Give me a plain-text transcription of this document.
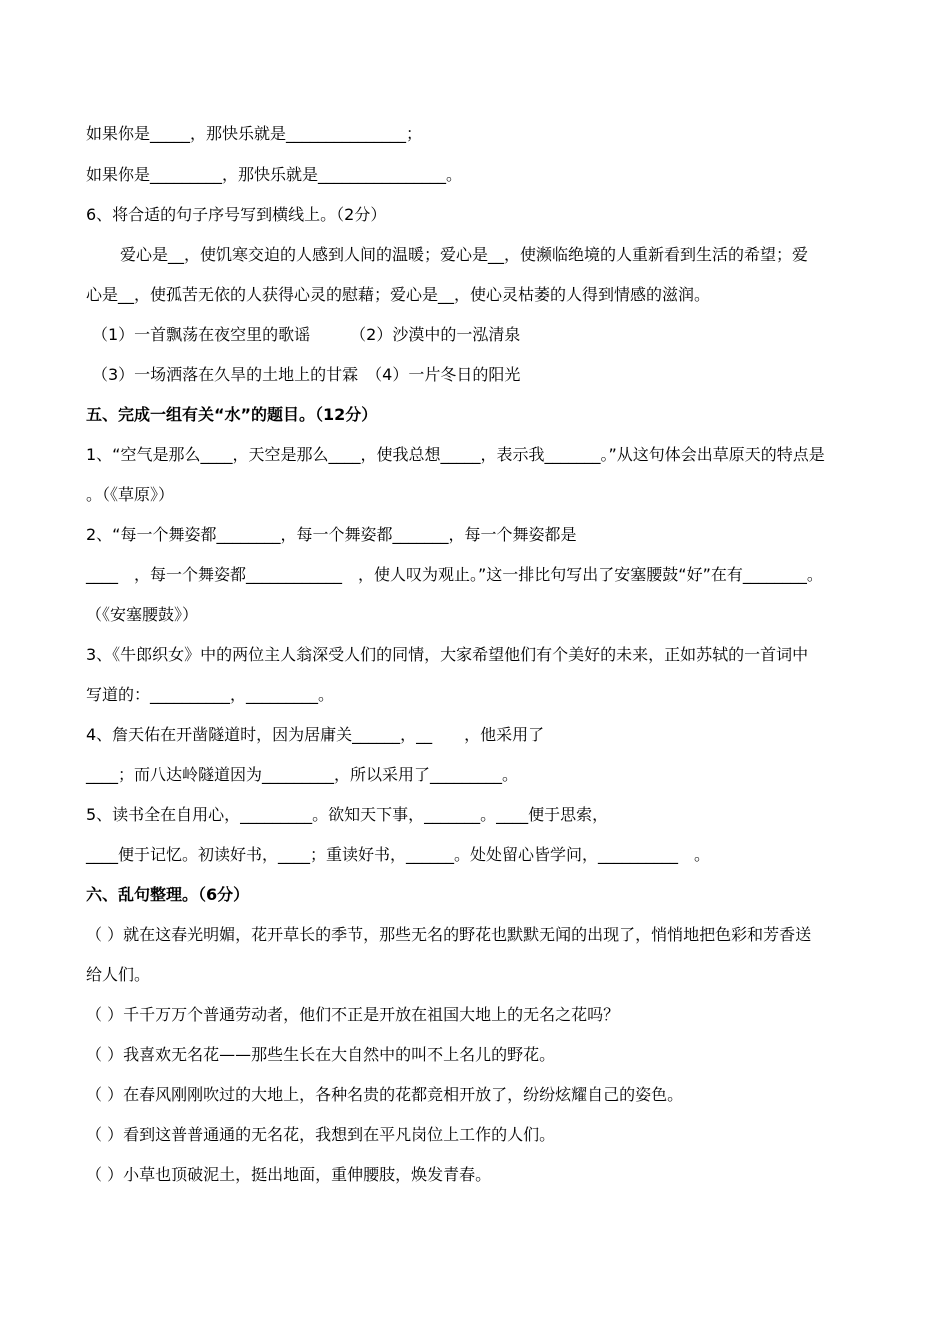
如果你是_____，那快乐就是_______________；
如果你是_________，那快乐就是________________。
6、将合适的句子序号写到横线上。（2分）
爱心是__，使饥寒交迫的人感到人间的温暖；爱心是__，使濒临绝境的人重新看到生活的希望；爱
心是__，使孤苦无依的人获得心灵的慰藉；爱心是__，使心灵枯萎的人得到情感的滋润。
（1）一首飘荡在夜空里的歌谣　　　（2）沙漠中的一泓清泉
（3）一场洒落在久旱的土地上的甘霖　（4）一片冬日的阳光
五、完成一组有关“水”的题目。（12分）
1、“空气是那么____，天空是那么____，使我总想_____，表示我_______。”从这句体会出草原天的特点是
。（《草原》）
2、“每一个舞姿都________，每一个舞姿都_______，每一个舞姿都是
____　，每一个舞姿都____________　，使人叹为观止。”这一排比句写出了安塞腰鼓“好”在有________。
（《安塞腰鼓》）
3、《牛郎织女》中的两位主人翁深受人们的同情，大家希望他们有个美好的未来，正如苏轼的一首词中
写道的：__________，_________。
4、詹天佑在开凿隧道时，因为居庸关______，__　　，他采用了
____；而八达岭隧道因为_________，所以采用了_________。
5、读书全在自用心，_________。欲知天下事，_______。____便于思索，
____便于记忆。初读好书，____；重读好书，______。处处留心皆学问，__________　。
六、乱句整理。（6分）
（ ）就在这春光明媚，花开草长的季节，那些无名的野花也默默无闻的出现了，悄悄地把色彩和芳香送
给人们。
（ ）千千万万个普通劳动者，他们不正是开放在祖国大地上的无名之花吗？
（ ）我喜欢无名花——那些生长在大自然中的叫不上名儿的野花。
（ ）在春风刚刚吹过的大地上，各种名贵的花都竞相开放了，纷纷炫耀自己的姿色。
（ ）看到这普普通通的无名花，我想到在平凡岗位上工作的人们。
（ ）小草也顶破泥土，挺出地面，重伸腰肢，焕发青春。
